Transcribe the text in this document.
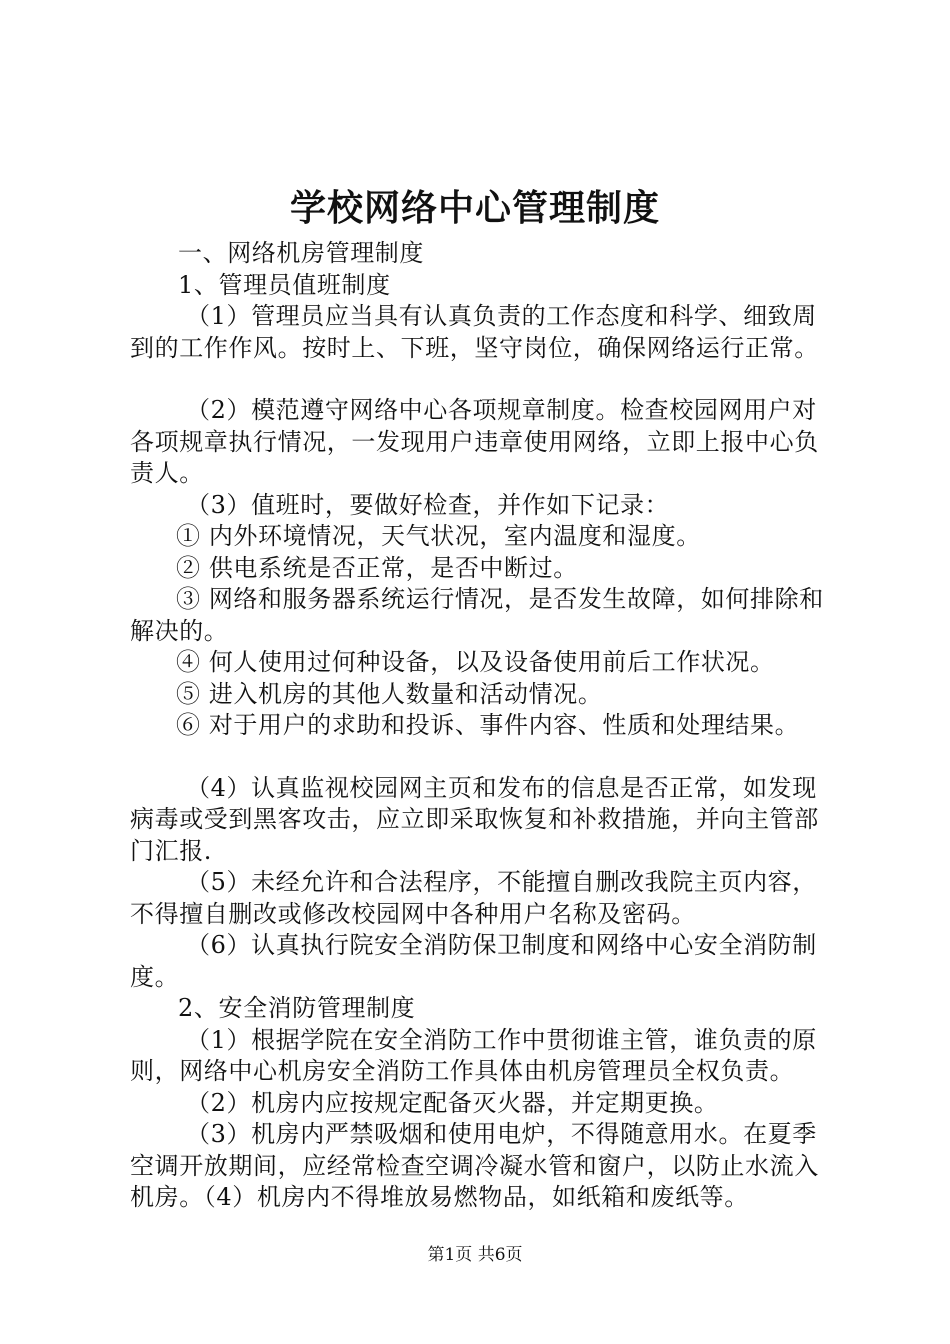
学校网络中心管理制度

一、网络机房管理制度

1、管理员值班制度

（1）管理员应当具有认真负责的工作态度和科学、细致周到的工作作风。按时上、下班，坚守岗位，确保网络运行正常。

（2）模范遵守网络中心各项规章制度。检查校园网用户对各项规章执行情况，一发现用户违章使用网络，立即上报中心负责人。

（3）值班时，要做好检查，并作如下记录：

① 内外环境情况，天气状况，室内温度和湿度。

② 供电系统是否正常，是否中断过。

③ 网络和服务器系统运行情况，是否发生故障，如何排除和解决的。

④ 何人使用过何种设备，以及设备使用前后工作状况。

⑤ 进入机房的其他人数量和活动情况。

⑥ 对于用户的求助和投诉、事件内容、性质和处理结果。

（4）认真监视校园网主页和发布的信息是否正常，如发现病毒或受到黑客攻击，应立即采取恢复和补救措施，并向主管部门汇报.

（5）未经允许和合法程序，不能擅自删改我院主页内容，不得擅自删改或修改校园网中各种用户名称及密码。

（6）认真执行院安全消防保卫制度和网络中心安全消防制度。

2、安全消防管理制度

（1）根据学院在安全消防工作中贯彻谁主管，谁负责的原则，网络中心机房安全消防工作具体由机房管理员全权负责。

（2）机房内应按规定配备灭火器，并定期更换。

（3）机房内严禁吸烟和使用电炉，不得随意用水。在夏季空调开放期间，应经常检查空调冷凝水管和窗户，以防止水流入机房。（4）机房内不得堆放易燃物品，如纸箱和废纸等。

第1页 共6页
